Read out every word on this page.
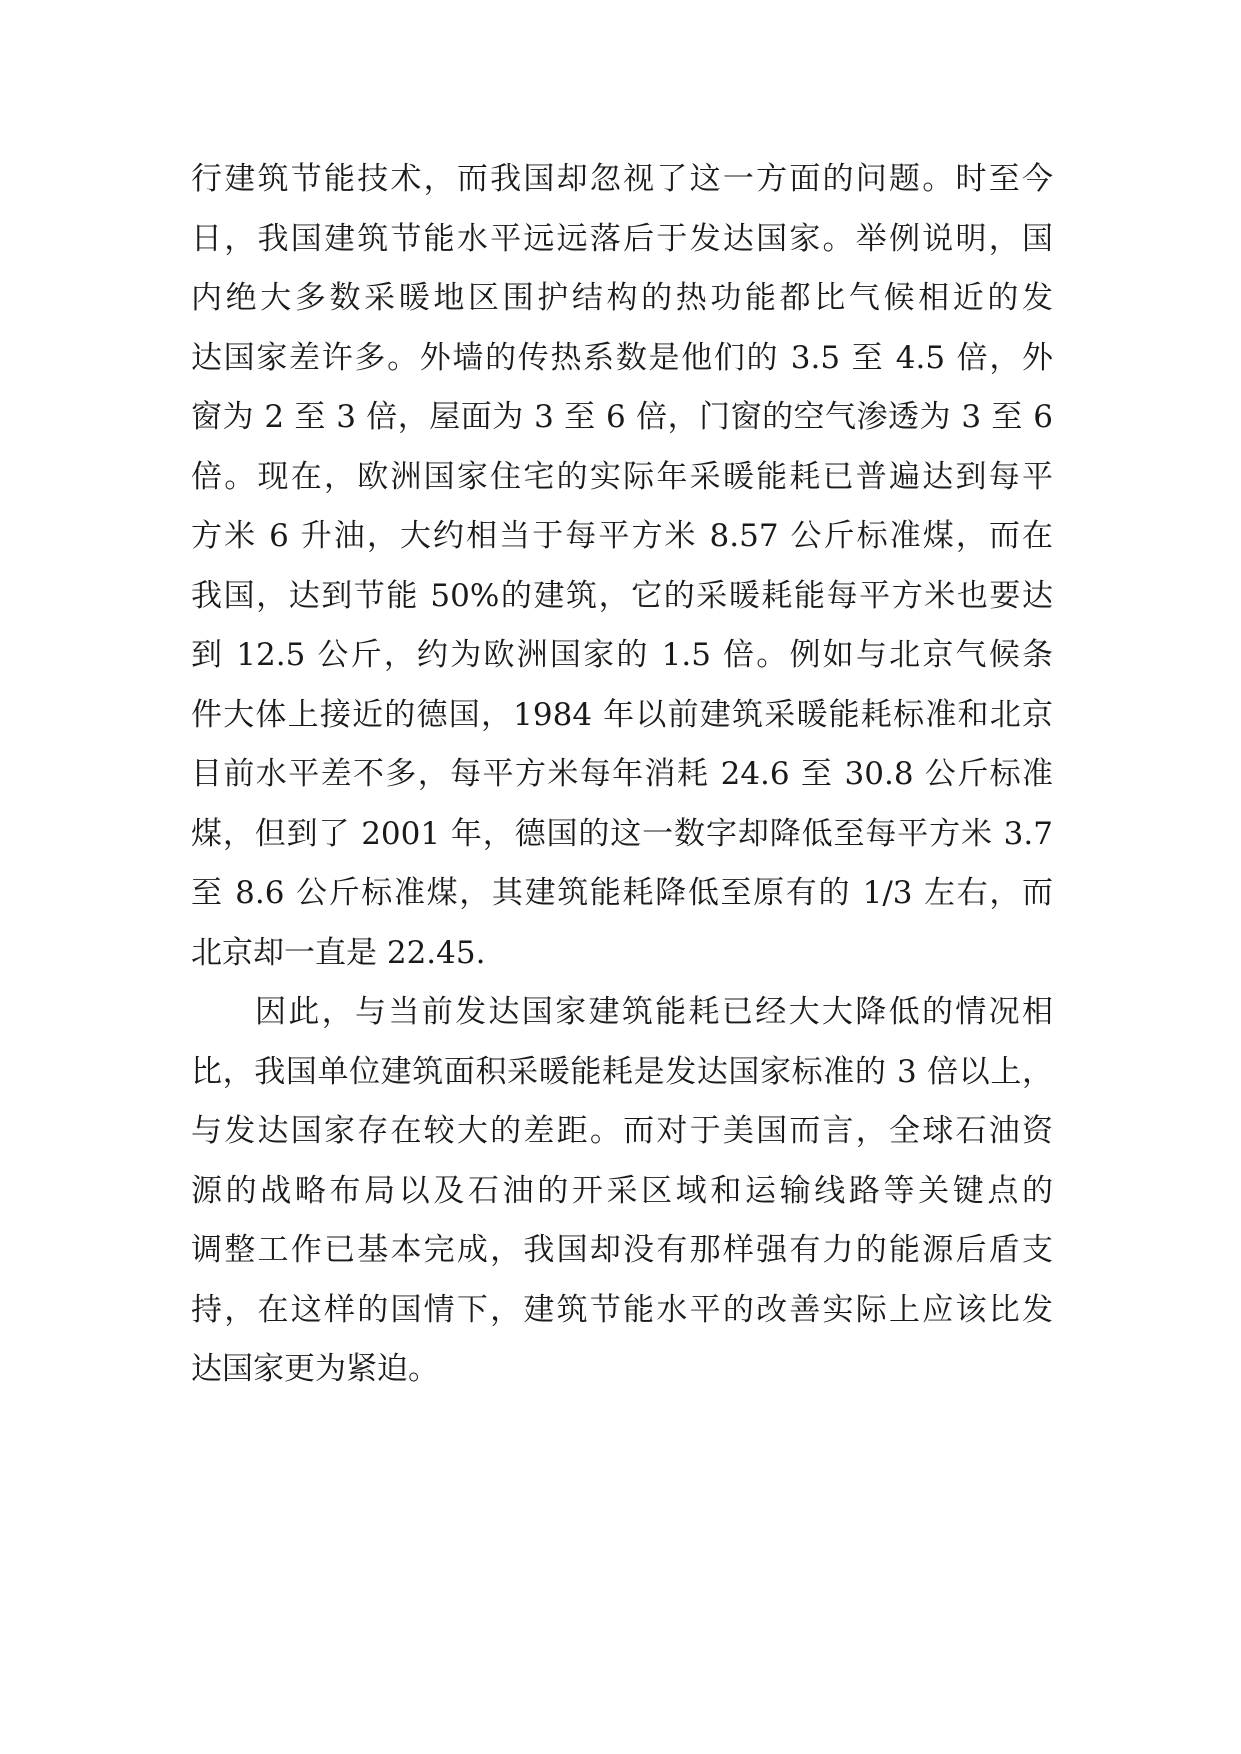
行建筑节能技术，而我国却忽视了这一方面的问题。时至今
日，我国建筑节能水平远远落后于发达国家。举例说明，国
内绝大多数采暖地区围护结构的热功能都比气候相近的发
达国家差许多。外墙的传热系数是他们的 3.5 至 4.5 倍，外
窗为 2 至 3 倍，屋面为 3 至 6 倍，门窗的空气渗透为 3 至 6
倍。现在，欧洲国家住宅的实际年采暖能耗已普遍达到每平
方米 6 升油，大约相当于每平方米 8.57 公斤标准煤，而在
我国，达到节能 50%的建筑，它的采暖耗能每平方米也要达
到 12.5 公斤，约为欧洲国家的 1.5 倍。例如与北京气候条
件大体上接近的德国，1984 年以前建筑采暖能耗标准和北京
目前水平差不多，每平方米每年消耗 24.6 至 30.8 公斤标准
煤，但到了 2001 年，德国的这一数字却降低至每平方米 3.7
至 8.6 公斤标准煤，其建筑能耗降低至原有的 1/3 左右，而
北京却一直是 22.45.
因此，与当前发达国家建筑能耗已经大大降低的情况相
比，我国单位建筑面积采暖能耗是发达国家标准的 3 倍以上，
与发达国家存在较大的差距。而对于美国而言，全球石油资
源的战略布局以及石油的开采区域和运输线路等关键点的
调整工作已基本完成，我国却没有那样强有力的能源后盾支
持，在这样的国情下，建筑节能水平的改善实际上应该比发
达国家更为紧迫。
